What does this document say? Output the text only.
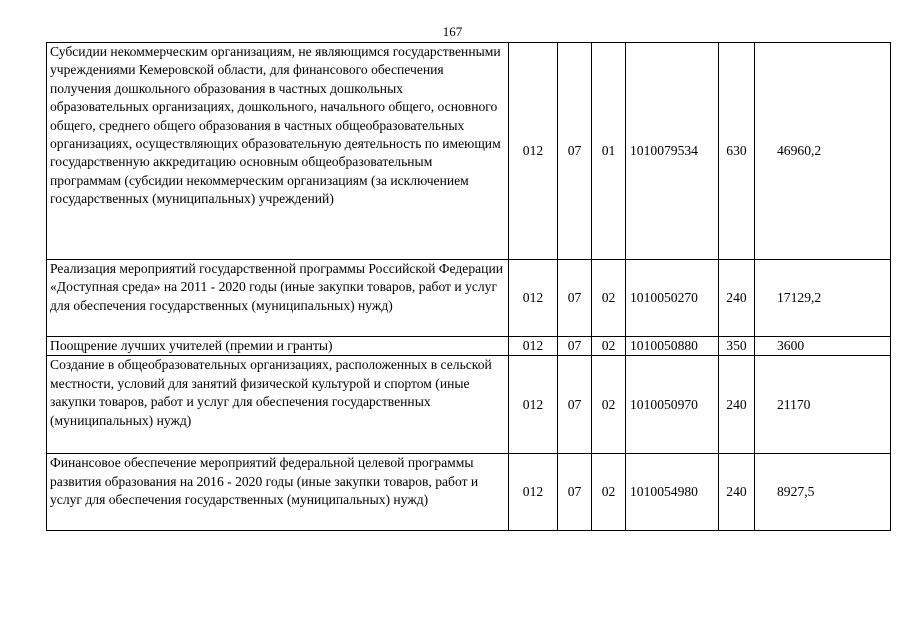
167
Субсидии некоммерческим организациям, не являющимся государственными учреждениями Кемеровской области, для финансового обеспечения получения дошкольного образования в частных дошкольных образовательных организациях, дошкольного, начального общего, основного общего, среднего общего образования в частных общеобразовательных организациях, осуществляющих образовательную деятельность по имеющим государственную аккредитацию основным общеобразовательным программам (субсидии некоммерческим организациям (за исключением государственных (муниципальных) учреждений)	012	07	01	1010079534	630	46960,2
Реализация мероприятий государственной программы Российской Федерации «Доступная среда» на 2011 - 2020 годы (иные закупки товаров, работ и услуг для обеспечения государственных (муниципальных) нужд)	012	07	02	1010050270	240	17129,2
Поощрение лучших учителей (премии и гранты)	012	07	02	1010050880	350	3600
Создание в общеобразовательных организациях, расположенных в сельской местности, условий для занятий физической культурой и спортом (иные закупки товаров, работ и услуг для обеспечения государственных (муниципальных) нужд)	012	07	02	1010050970	240	21170
Финансовое обеспечение мероприятий федеральной целевой программы развития образования на 2016 - 2020 годы (иные закупки товаров, работ и услуг для обеспечения государственных (муниципальных) нужд)	012	07	02	1010054980	240	8927,5
